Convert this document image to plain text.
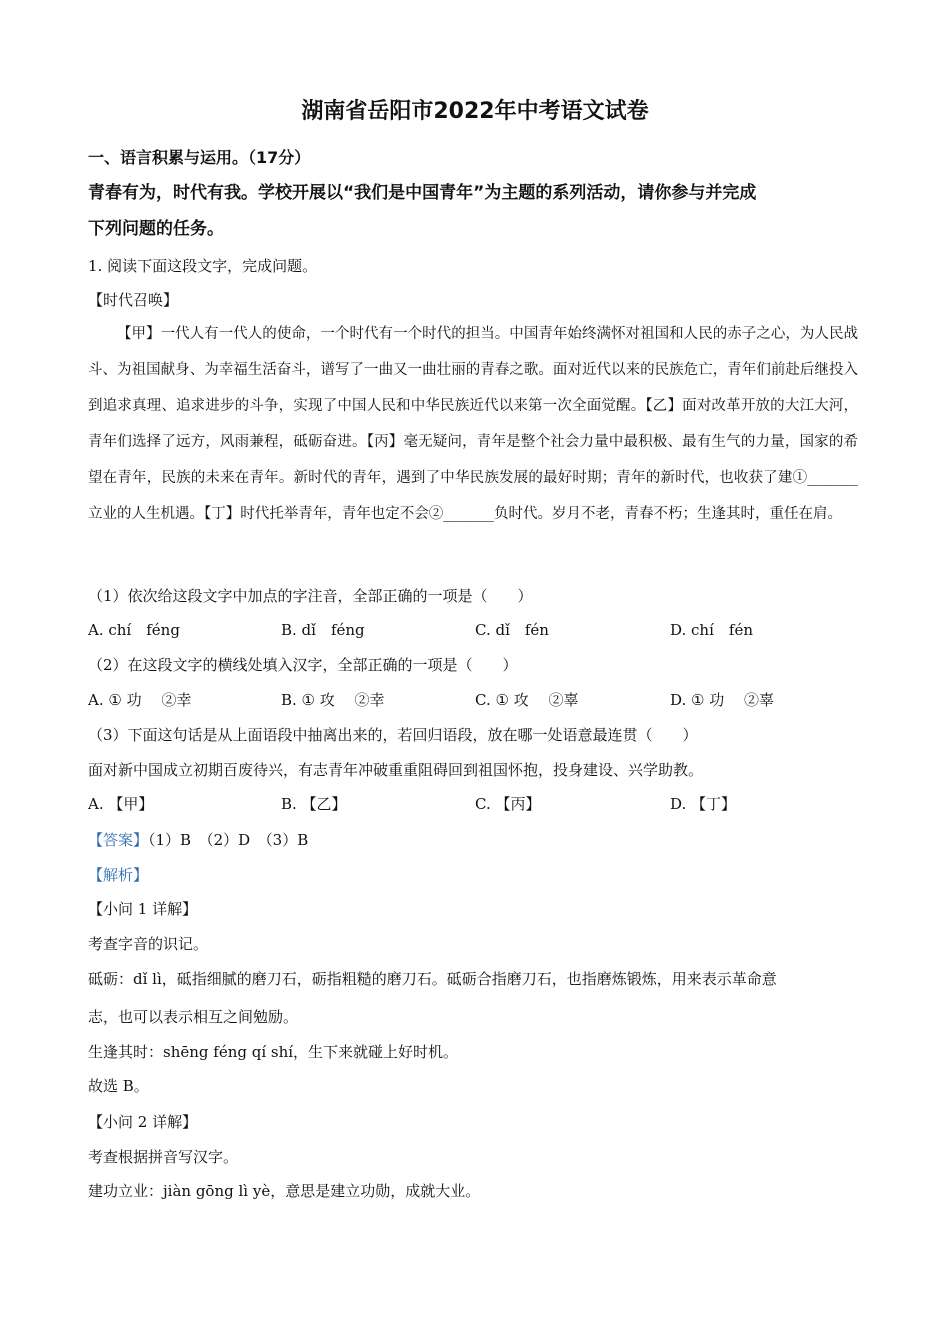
湖南省岳阳市2022年中考语文试卷
一、语言积累与运用。（17分）
青春有为，时代有我。学校开展以“我们是中国青年”为主题的系列活动，请你参与并完成
下列问题的任务。
1. 阅读下面这段文字，完成问题。
【时代召唤】

【甲】一代人有一代人的使命，一个时代有一个时代的担当。中国青年始终满怀对祖国和人民的赤子之心，为人民战斗、为祖国献身、为幸福生活奋斗，谱写了一曲又一曲壮丽的青春之歌。面对近代以来的民族危亡，青年们前赴后继投入到追求真理、追求进步的斗争，实现了中国人民和中华民族近代以来第一次全面觉醒。【乙】面对改革开放的大江大河，青年们选择了远方，风雨兼程，砥砺奋进。【丙】毫无疑问，青年是整个社会力量中最积极、最有生气的力量，国家的希望在青年，民族的未来在青年。新时代的青年，遇到了中华民族发展的最好时期；青年的新时代，也收获了建①_______立业的人生机遇。【丁】时代托举青年，青年也定不会②_______负时代。岁月不老，青春不朽；生逢其时，重任在肩。

（1）依次给这段文字中加点的字注音，全部正确的一项是（　　）
A. chí　féng	B. dǐ　féng	C. dǐ　fén	D. chí　fén
（2）在这段文字的横线处填入汉字，全部正确的一项是（　　）
A. ① 功　 ②幸	B. ① 攻　 ②幸	C. ① 攻　 ②辜	D. ① 功　 ②辜
（3）下面这句话是从上面语段中抽离出来的，若回归语段，放在哪一处语意最连贯（　　）
面对新中国成立初期百废待兴，有志青年冲破重重阻碍回到祖国怀抱，投身建设、兴学助教。
A. 【甲】	B. 【乙】	C. 【丙】	D. 【丁】
【答案】（1）B　（2）D　（3）B
【解析】
【小问 1 详解】
考查字音的识记。
砥砺：dǐ lì，砥指细腻的磨刀石，砺指粗糙的磨刀石。砥砺合指磨刀石，也指磨炼锻炼，用来表示革命意
志，也可以表示相互之间勉励。
生逢其时：shēng féng qí shí，生下来就碰上好时机。
故选 B。
【小问 2 详解】
考查根据拼音写汉字。
建功立业：jiàn gōng lì yè，意思是建立功勋，成就大业。
